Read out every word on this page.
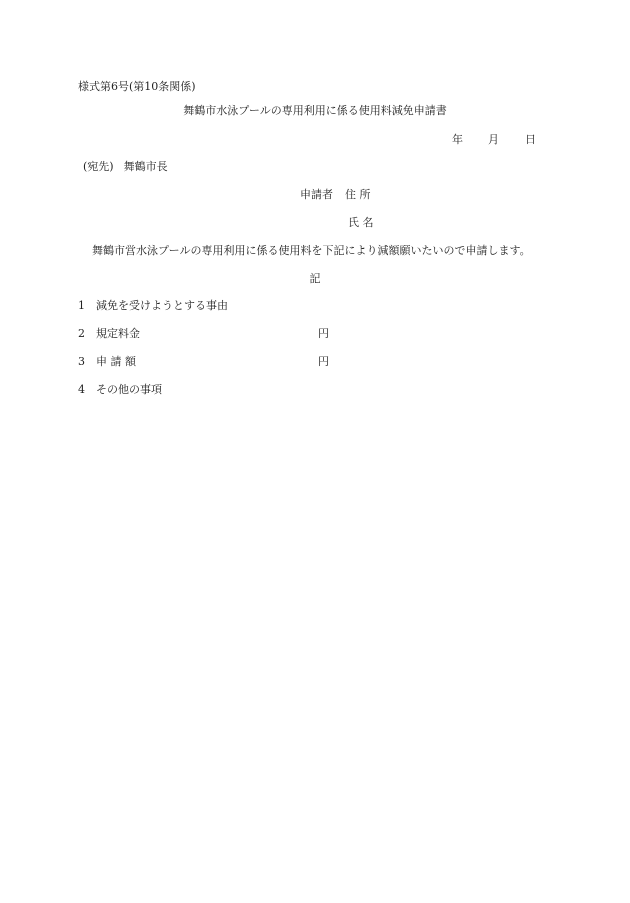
様式第6号(第10条関係)
舞鶴市水泳プールの専用利用に係る使用料減免申請書
年 月 日
(宛先) 舞鶴市長
申請者 住 所
氏 名
舞鶴市営水泳プールの専用利用に係る使用料を下記により減額願いたいので申請します。
記
1 減免を受けようとする事由
2 規定料金	円
3 申 請 額	円
4 その他の事項
